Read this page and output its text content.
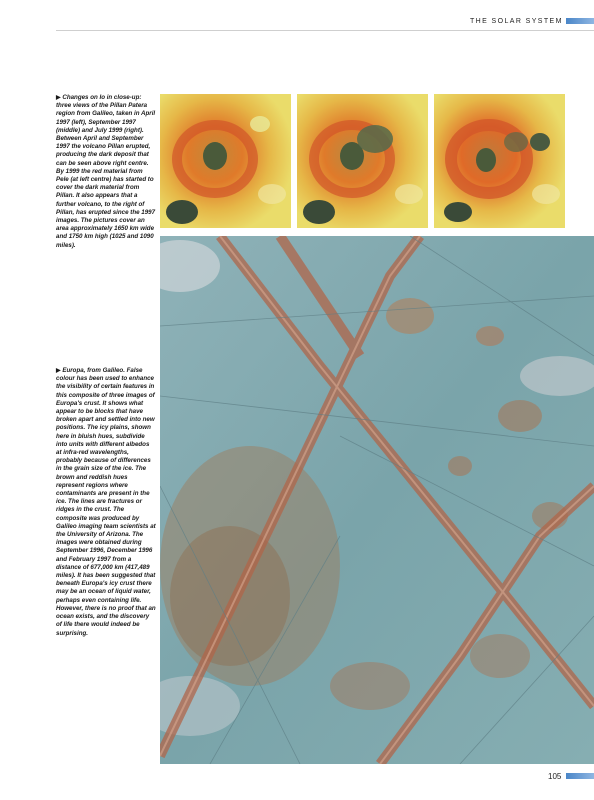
THE SOLAR SYSTEM
▶ Changes on Io in close-up: three views of the Pillan Patera region from Galileo, taken in April 1997 (left), September 1997 (middle) and July 1999 (right). Between April and September 1997 the volcano Pillan erupted, producing the dark deposit that can be seen above right centre. By 1999 the red material from Pele (at left centre) has started to cover the dark material from Pillan. It also appears that a further volcano, to the right of Pillan, has erupted since the 1997 images. The pictures cover an area approximately 1650 km wide and 1750 km high (1025 and 1090 miles).
▶ Europa, from Galileo. False colour has been used to enhance the visibility of certain features in this composite of three images of Europa's crust. It shows what appear to be blocks that have broken apart and settled into new positions. The icy plains, shown here in bluish hues, subdivide into units with different albedos at infra-red wavelengths, probably because of differences in the grain size of the ice. The brown and reddish hues represent regions where contaminants are present in the ice. The lines are fractures or ridges in the crust. The composite was produced by Galileo imaging team scientists at the University of Arizona. The images were obtained during September 1996, December 1996 and February 1997 from a distance of 677,000 km (417,489 miles). It has been suggested that beneath Europa's icy crust there may be an ocean of liquid water, perhaps even containing life. However, there is no proof that an ocean exists, and the discovery of life there would indeed be surprising.
105
